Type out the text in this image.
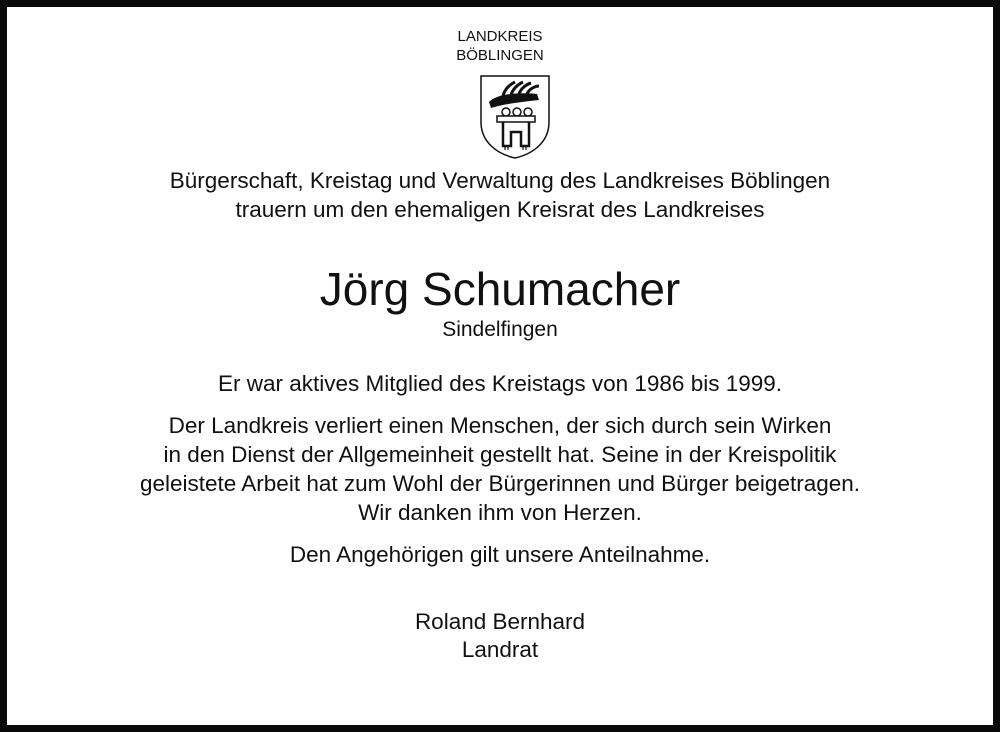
LANDKREIS
BÖBLINGEN
Bürgerschaft, Kreistag und Verwaltung des Landkreises Böblingen
trauern um den ehemaligen Kreisrat des Landkreises
Jörg Schumacher
Sindelfingen
Er war aktives Mitglied des Kreistags von 1986 bis 1999.
Der Landkreis verliert einen Menschen, der sich durch sein Wirken
in den Dienst der Allgemeinheit gestellt hat. Seine in der Kreispolitik
geleistete Arbeit hat zum Wohl der Bürgerinnen und Bürger beigetragen.
Wir danken ihm von Herzen.
Den Angehörigen gilt unsere Anteilnahme.
Roland Bernhard
Landrat
